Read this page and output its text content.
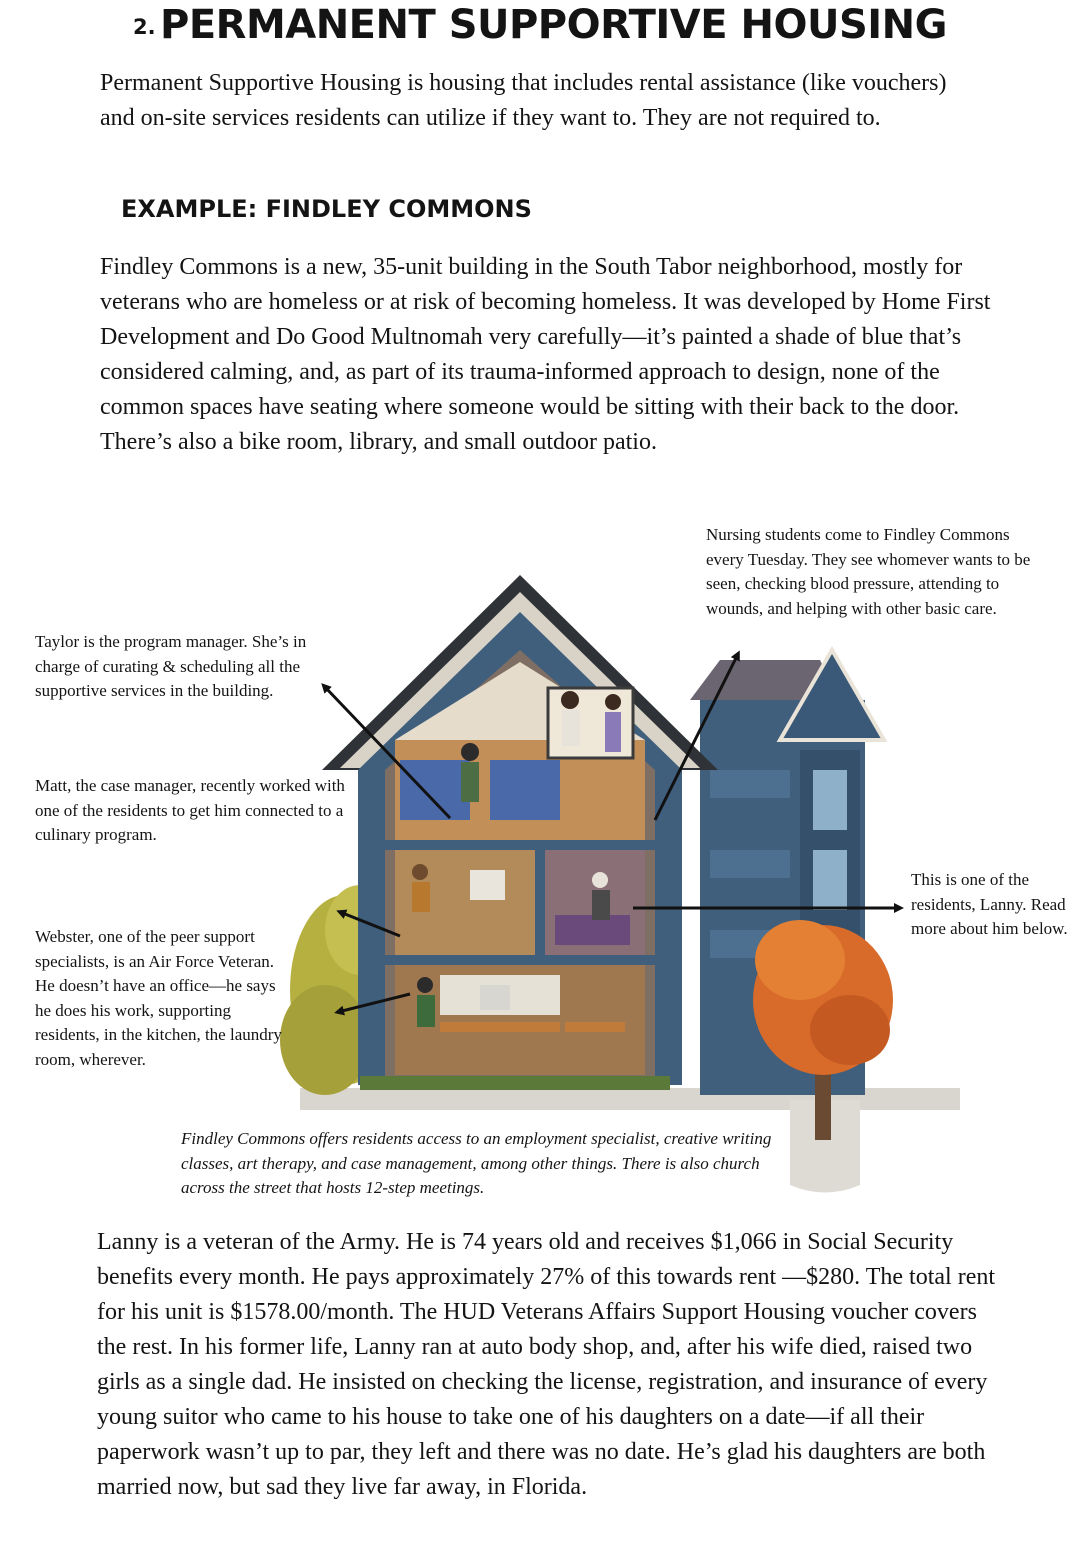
2. PERMANENT SUPPORTIVE HOUSING
Permanent Supportive Housing is housing that includes rental assistance (like vouchers) and on-site services residents can utilize if they want to. They are not required to.
EXAMPLE: FINDLEY COMMONS
Findley Commons is a new, 35-unit building in the South Tabor neighborhood, mostly for veterans who are homeless or at risk of becoming homeless. It was developed by Home First Development and Do Good Multnomah very carefully—it’s painted a shade of blue that’s considered calming, and, as part of its trauma-informed approach to design, none of the common spaces have seating where someone would be sitting with their back to the door. There’s also a bike room, library, and small outdoor patio.
Nursing students come to Findley Commons every Tuesday. They see whomever wants to be seen, checking blood pressure, attending to wounds, and helping with other basic care.
Taylor is the program manager. She’s in charge of curating & scheduling all the supportive services in the building.
Matt, the case manager, recently worked with one of the residents to get him connected to a culinary program.
Webster, one of the peer support specialists, is an Air Force Veteran. He doesn’t have an office—he says he does his work, supporting residents, in the kitchen, the laundry room, wherever.
This is one of the residents, Lanny. Read more about him below.
Findley Commons offers residents access to an employment specialist, creative writing classes, art therapy, and case management, among other things. There is also church across the street that hosts 12-step meetings.
Lanny is a veteran of the Army. He is 74 years old and receives $1,066 in Social Security benefits every month. He pays approximately 27% of this towards rent —$280. The total rent for his unit is $1578.00/month. The HUD Veterans Affairs Support Housing voucher covers the rest. In his former life, Lanny ran at auto body shop, and, after his wife died, raised two girls as a single dad. He insisted on checking the license, registration, and insurance of every young suitor who came to his house to take one of his daughters on a date—if all their paperwork wasn’t up to par, they left and there was no date. He’s glad his daughters are both married now, but sad they live far away, in Florida.
